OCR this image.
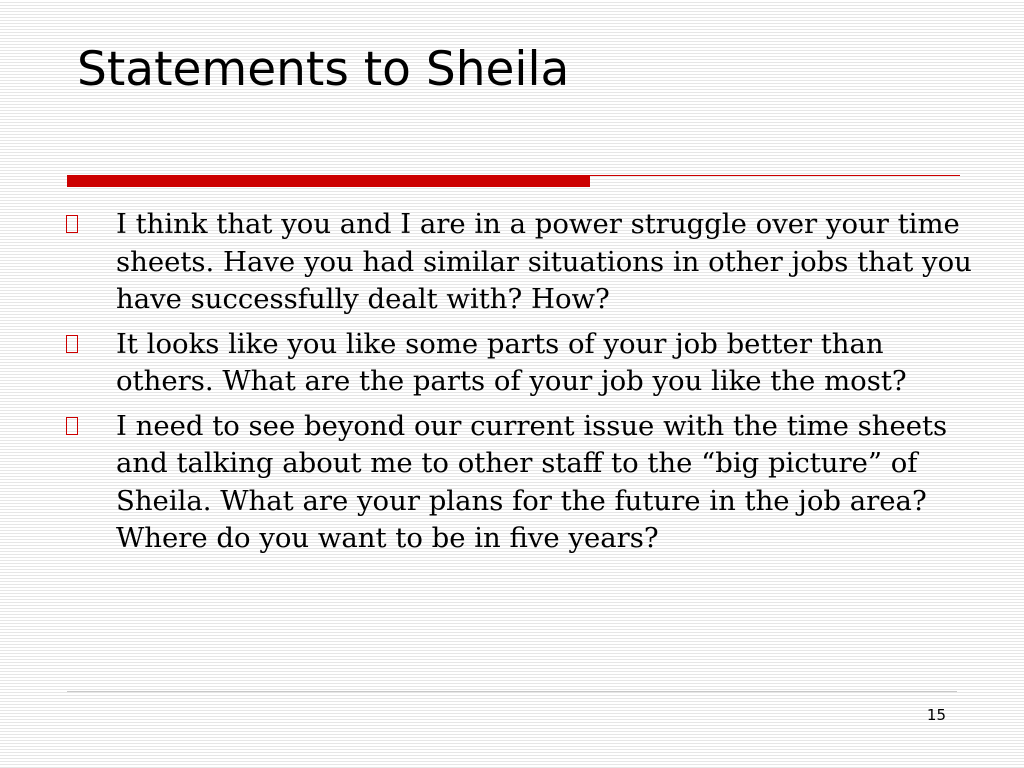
Statements to Sheila
I think that you and I are in a power struggle over your time sheets. Have you had similar situations in other jobs that you have successfully dealt with? How?
It looks like you like some parts of your job better than others. What are the parts of your job you like the most?
I need to see beyond our current issue with the time sheets and talking about me to other staff to the “big picture” of Sheila. What are your plans for the future in the job area? Where do you want to be in five years?
15
